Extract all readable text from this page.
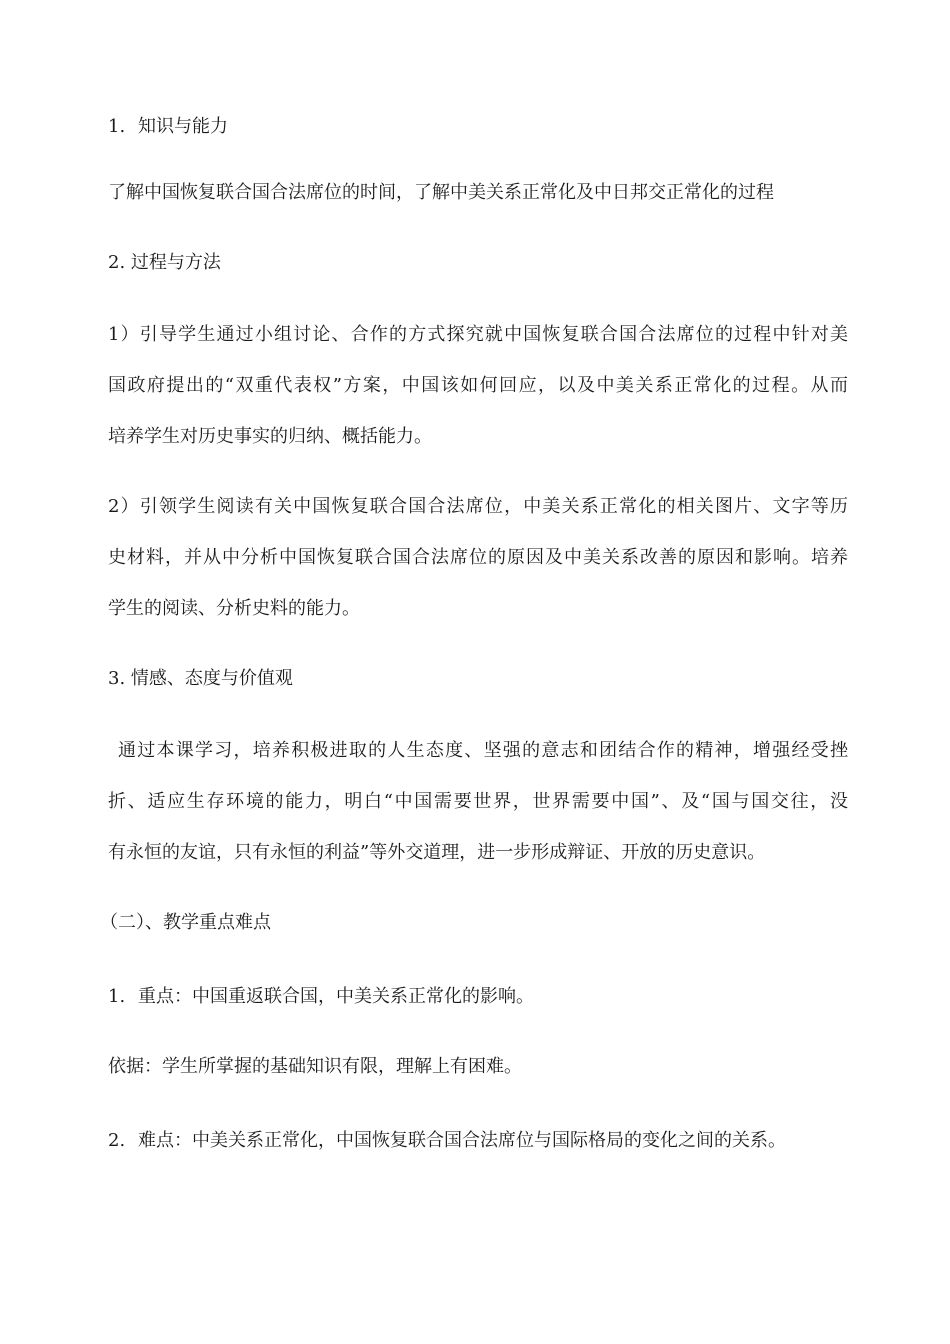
1. 知识与能力
了解中国恢复联合国合法席位的时间，了解中美关系正常化及中日邦交正常化的过程
2. 过程与方法
1）引导学生通过小组讨论、合作的方式探究就中国恢复联合国合法席位的过程中针对美
国政府提出的“双重代表权”方案，中国该如何回应，以及中美关系正常化的过程。从而
培养学生对历史事实的归纳、概括能力。
2）引领学生阅读有关中国恢复联合国合法席位，中美关系正常化的相关图片、文字等历
史材料，并从中分析中国恢复联合国合法席位的原因及中美关系改善的原因和影响。培养
学生的阅读、分析史料的能力。
3. 情感、态度与价值观
通过本课学习，培养积极进取的人生态度、坚强的意志和团结合作的精神，增强经受挫
折、适应生存环境的能力，明白“中国需要世界，世界需要中国”、及“国与国交往，没
有永恒的友谊，只有永恒的利益”等外交道理，进一步形成辩证、开放的历史意识。
（二）、教学重点难点
1. 重点：中国重返联合国，中美关系正常化的影响。
依据：学生所掌握的基础知识有限，理解上有困难。
2. 难点：中美关系正常化，中国恢复联合国合法席位与国际格局的变化之间的关系。
